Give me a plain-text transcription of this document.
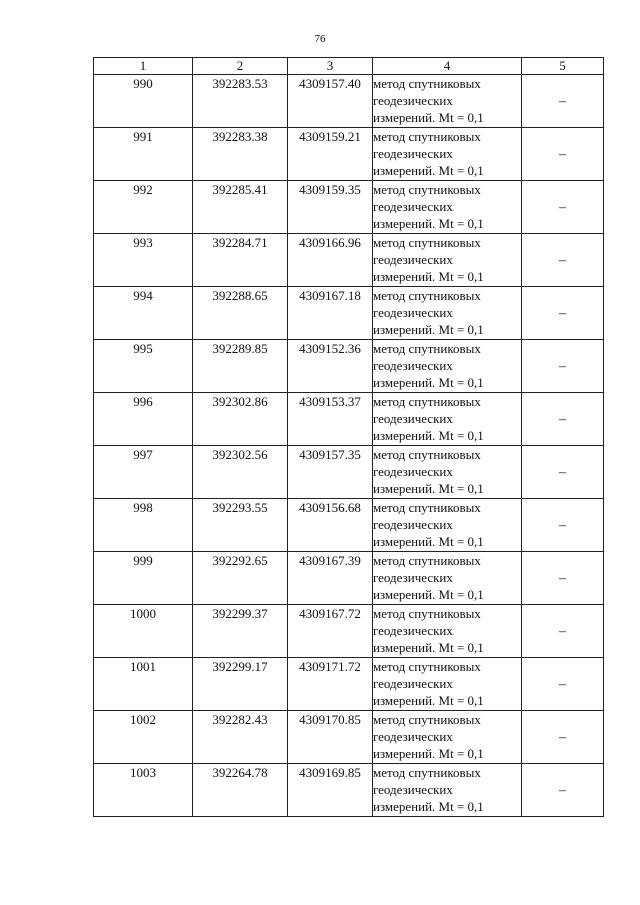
76
1	2	3	4	5
990	392283.53	4309157.40	метод спутниковых
геодезических
измерений. Mt = 0,1	–
991	392283.38	4309159.21	метод спутниковых
геодезических
измерений. Mt = 0,1	–
992	392285.41	4309159.35	метод спутниковых
геодезических
измерений. Mt = 0,1	–
993	392284.71	4309166.96	метод спутниковых
геодезических
измерений. Mt = 0,1	–
994	392288.65	4309167.18	метод спутниковых
геодезических
измерений. Mt = 0,1	–
995	392289.85	4309152.36	метод спутниковых
геодезических
измерений. Mt = 0,1	–
996	392302.86	4309153.37	метод спутниковых
геодезических
измерений. Mt = 0,1	–
997	392302.56	4309157.35	метод спутниковых
геодезических
измерений. Mt = 0,1	–
998	392293.55	4309156.68	метод спутниковых
геодезических
измерений. Mt = 0,1	–
999	392292.65	4309167.39	метод спутниковых
геодезических
измерений. Mt = 0,1	–
1000	392299.37	4309167.72	метод спутниковых
геодезических
измерений. Mt = 0,1	–
1001	392299.17	4309171.72	метод спутниковых
геодезических
измерений. Mt = 0,1	–
1002	392282.43	4309170.85	метод спутниковых
геодезических
измерений. Mt = 0,1	–
1003	392264.78	4309169.85	метод спутниковых
геодезических
измерений. Mt = 0,1	–
